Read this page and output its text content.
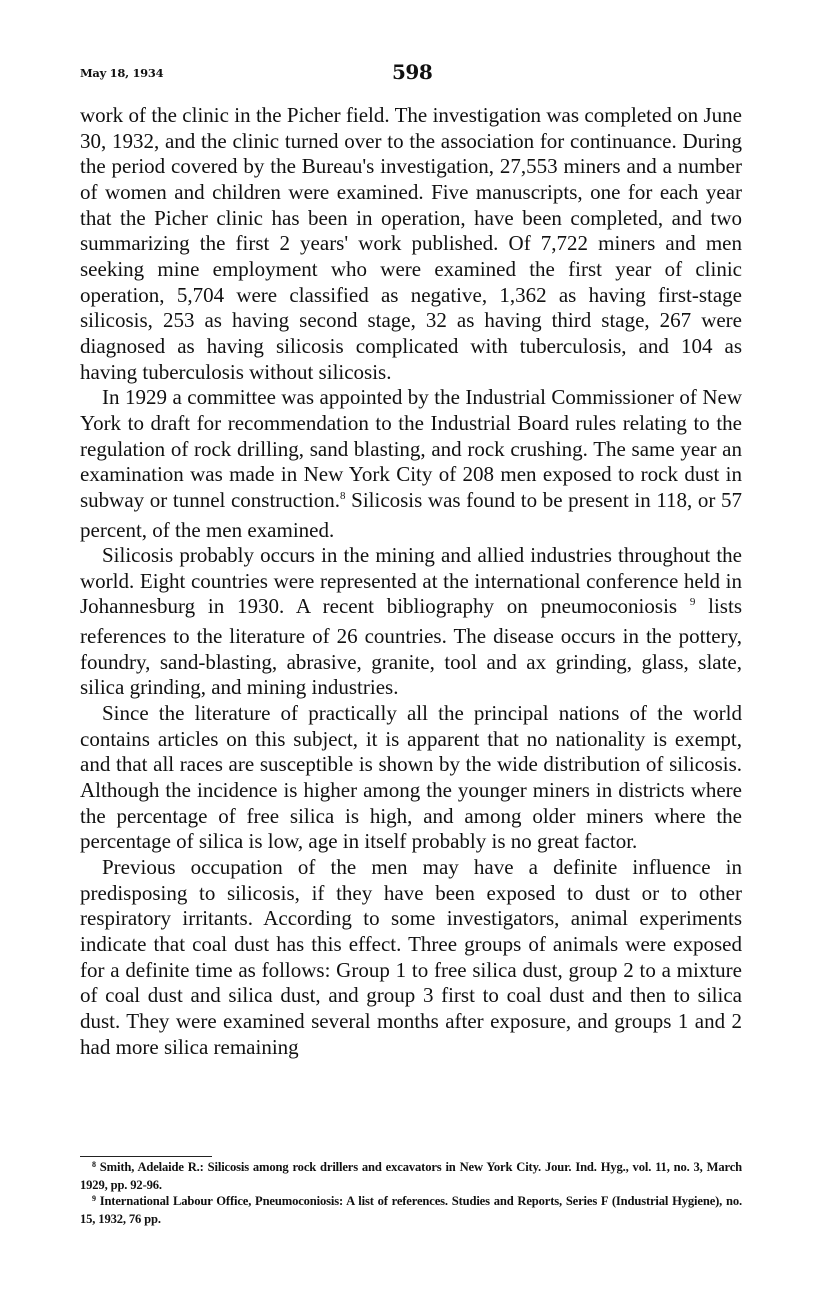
May 18, 1934	598

work of the clinic in the Picher field. The investigation was completed on June 30, 1932, and the clinic turned over to the association for continuance. During the period covered by the Bureau's investigation, 27,553 miners and a number of women and children were examined. Five manuscripts, one for each year that the Picher clinic has been in operation, have been completed, and two summarizing the first 2 years' work published. Of 7,722 miners and men seeking mine employment who were examined the first year of clinic operation, 5,704 were classified as negative, 1,362 as having first-stage silicosis, 253 as having second stage, 32 as having third stage, 267 were diagnosed as having silicosis complicated with tuberculosis, and 104 as having tuberculosis without silicosis.

In 1929 a committee was appointed by the Industrial Commissioner of New York to draft for recommendation to the Industrial Board rules relating to the regulation of rock drilling, sand blasting, and rock crushing. The same year an examination was made in New York City of 208 men exposed to rock dust in subway or tunnel construction.$^8$ Silicosis was found to be present in 118, or 57 percent, of the men examined.

Silicosis probably occurs in the mining and allied industries throughout the world. Eight countries were represented at the international conference held in Johannesburg in 1930. A recent bibliography on pneumoconiosis $^9$ lists references to the literature of 26 countries. The disease occurs in the pottery, foundry, sand-blasting, abrasive, granite, tool and ax grinding, glass, slate, silica grinding, and mining industries.

Since the literature of practically all the principal nations of the world contains articles on this subject, it is apparent that no nationality is exempt, and that all races are susceptible is shown by the wide distribution of silicosis. Although the incidence is higher among the younger miners in districts where the percentage of free silica is high, and among older miners where the percentage of silica is low, age in itself probably is no great factor.

Previous occupation of the men may have a definite influence in predisposing to silicosis, if they have been exposed to dust or to other respiratory irritants. According to some investigators, animal experiments indicate that coal dust has this effect. Three groups of animals were exposed for a definite time as follows: Group 1 to free silica dust, group 2 to a mixture of coal dust and silica dust, and group 3 first to coal dust and then to silica dust. They were examined several months after exposure, and groups 1 and 2 had more silica remaining

$^8$ Smith, Adelaide R.: Silicosis among rock drillers and excavators in New York City. Jour. Ind. Hyg., vol. 11, no. 3, March 1929, pp. 92-96.

$^9$ International Labour Office, Pneumoconiosis: A list of references. Studies and Reports, Series F (Industrial Hygiene), no. 15, 1932, 76 pp.
